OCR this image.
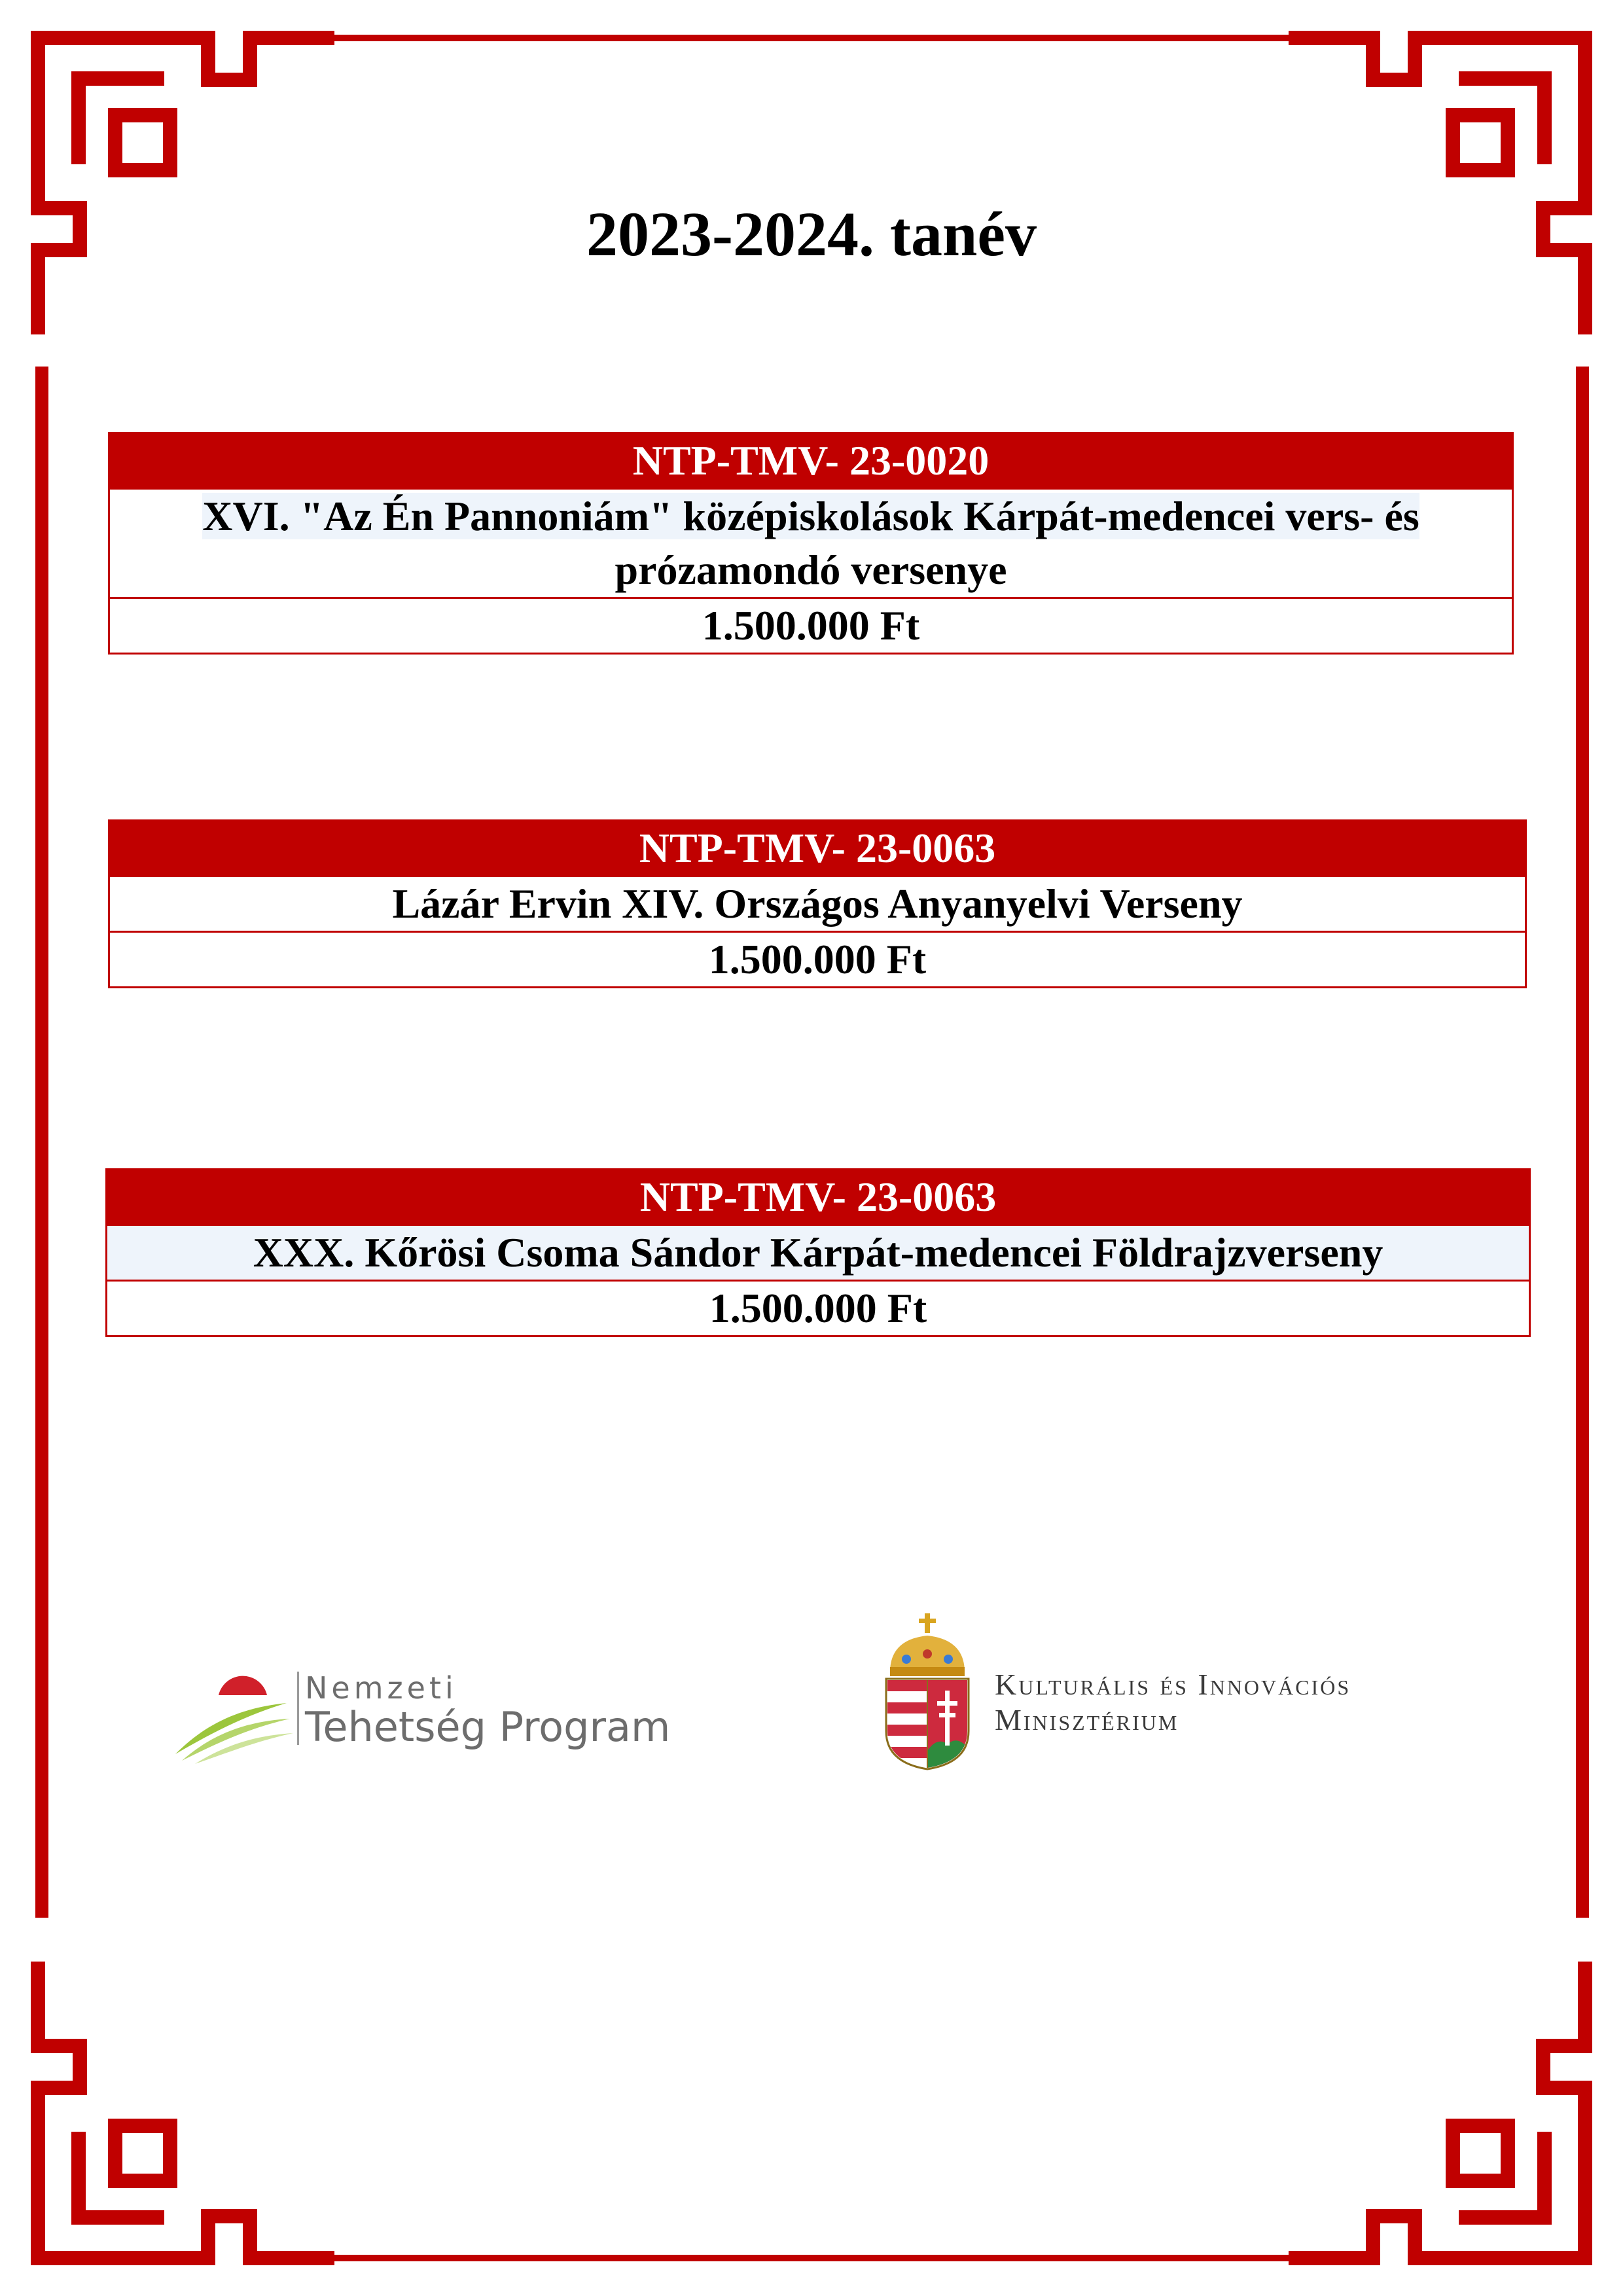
2023-2024. tanév
NTP-TMV- 23-0020
XVI. "Az Én Pannoniám" középiskolások Kárpát-medencei vers- és
prózamondó versenye
1.500.000 Ft
NTP-TMV- 23-0063
Lázár Ervin XIV. Országos Anyanyelvi Verseny
1.500.000 Ft
NTP-TMV- 23-0063
XXX. Kőrösi Csoma Sándor Kárpát-medencei Földrajzverseny
1.500.000 Ft
Nemzeti
Tehetség Program
Kulturális és Innovációs
Minisztérium
